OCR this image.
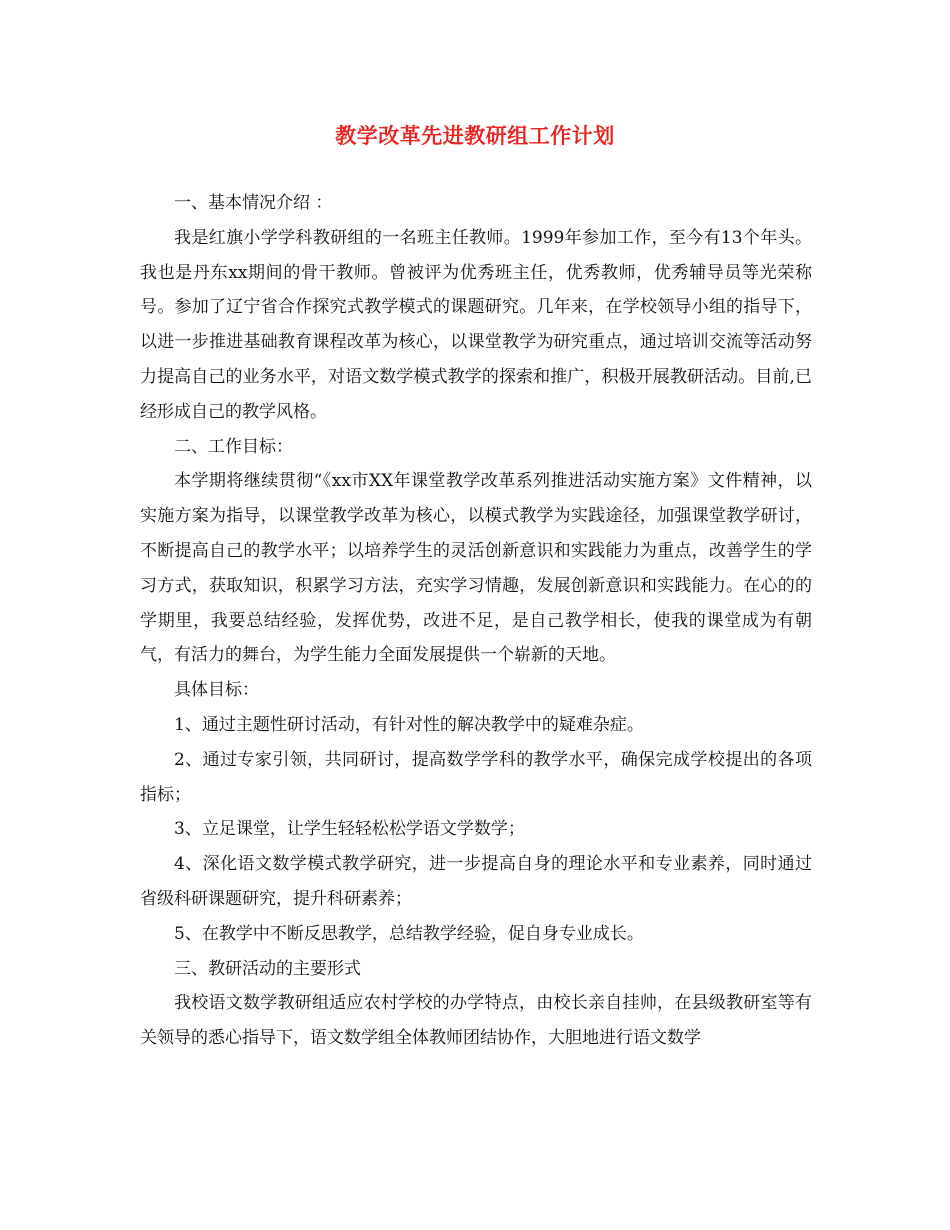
教学改革先进教研组工作计划

一、基本情况介绍 ：

我是红旗小学学科教研组的一名班主任教师。1999年参加工作，至今有13个年头。我也是丹东xx期间的骨干教师。曾被评为优秀班主任，优秀教师，优秀辅导员等光荣称号。参加了辽宁省合作探究式教学模式的课题研究。几年来，在学校领导小组的指导下，以进一步推进基础教育课程改革为核心，以课堂教学为研究重点，通过培训交流等活动努力提高自己的业务水平，对语文数学模式教学的探索和推广，积极开展教研活动。目前,已经形成自己的教学风格。

二、工作目标：

本学期将继续贯彻“《xx市XX年课堂教学改革系列推进活动实施方案》文件精神，以实施方案为指导，以课堂教学改革为核心，以模式教学为实践途径，加强课堂教学研讨，不断提高自己的教学水平；以培养学生的灵活创新意识和实践能力为重点，改善学生的学习方式，获取知识，积累学习方法，充实学习情趣，发展创新意识和实践能力。在心的的学期里，我要总结经验，发挥优势，改进不足，是自己教学相长，使我的课堂成为有朝气，有活力的舞台，为学生能力全面发展提供一个崭新的天地。

具体目标：

1、通过主题性研讨活动，有针对性的解决教学中的疑难杂症。

2、通过专家引领，共同研讨，提高数学学科的教学水平，确保完成学校提出的各项指标；

3、立足课堂，让学生轻轻松松学语文学数学；

4、深化语文数学模式教学研究，进一步提高自身的理论水平和专业素养，同时通过省级科研课题研究，提升科研素养；

5、在教学中不断反思教学，总结教学经验，促自身专业成长。

三、教研活动的主要形式

我校语文数学教研组适应农村学校的办学特点，由校长亲自挂帅，在县级教研室等有关领导的悉心指导下，语文数学组全体教师团结协作，大胆地进行语文数学
